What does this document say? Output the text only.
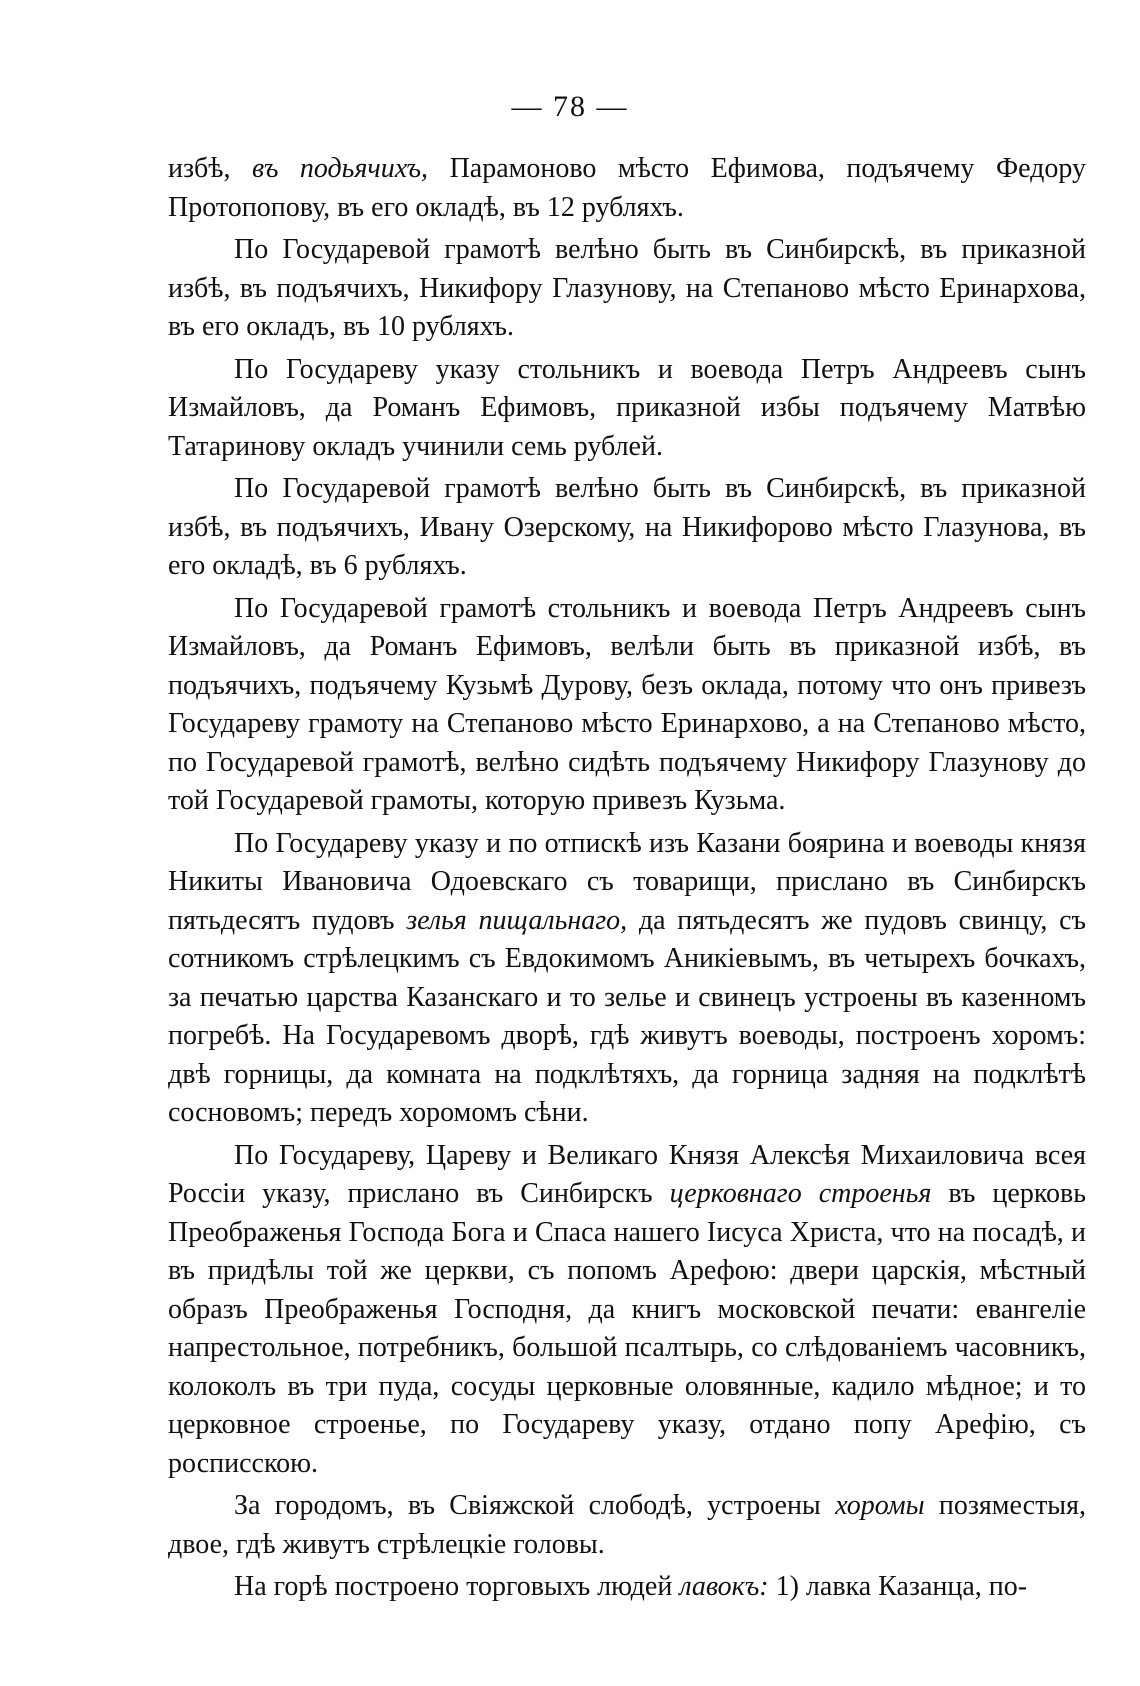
— 78 —

избѣ, въ подьячихъ, Парамоново мѣсто Ефимова, подъячему Федору Протопопову, въ его окладѣ, въ 12 рубляхъ.

По Государевой грамотѣ велѣно быть въ Синбирскѣ, въ приказной избѣ, въ подъячихъ, Никифору Глазунову, на Степаново мѣсто Еринархова, въ его окладъ, въ 10 рубляхъ.

По Государеву указу стольникъ и воевода Петръ Андреевъ сынъ Измайловъ, да Романъ Ефимовъ, приказной избы подъячему Матвѣю Татаринову окладъ учинили семь рублей.

По Государевой грамотѣ велѣно быть въ Синбирскѣ, въ приказной избѣ, въ подъячихъ, Ивану Озерскому, на Никифорово мѣсто Глазунова, въ его окладѣ, въ 6 рубляхъ.

По Государевой грамотѣ стольникъ и воевода Петръ Андреевъ сынъ Измайловъ, да Романъ Ефимовъ, велѣли быть въ приказной избѣ, въ подъячихъ, подъячему Кузьмѣ Дурову, безъ оклада, потому что онъ привезъ Государеву грамоту на Степаново мѣсто Еринархово, а на Степаново мѣсто, по Государевой грамотѣ, велѣно сидѣть подъячему Никифору Глазунову до той Государевой грамоты, которую привезъ Кузьма.

По Государеву указу и по отпискѣ изъ Казани боярина и воеводы князя Никиты Ивановича Одоевскаго съ товарищи, прислано въ Синбирскъ пятьдесятъ пудовъ зелья пищальнаго, да пятьдесятъ же пудовъ свинцу, съ сотникомъ стрѣлецкимъ съ Евдокимомъ Аникіевымъ, въ четырехъ бочкахъ, за печатью царства Казанскаго и то зелье и свинецъ устроены въ казенномъ погребѣ. На Государевомъ дворѣ, гдѣ живутъ воеводы, построенъ хоромъ: двѣ горницы, да комната на подклѣтяхъ, да горница задняя на подклѣтѣ сосновомъ; передъ хоромомъ сѣни.

По Государеву, Цареву и Великаго Князя Алексѣя Михаиловича всея Россіи указу, прислано въ Синбирскъ церковнаго строенья въ церковь Преображенья Господа Бога и Спаса нашего Іисуса Христа, что на посадѣ, и въ придѣлы той же церкви, съ попомъ Арефою: двери царскія, мѣстный образъ Преображенья Господня, да книгъ московской печати: евангеліе напрестольное, потребникъ, большой псалтырь, со слѣдованіемъ часовникъ, колоколъ въ три пуда, сосуды церковные оловянные, кадило мѣдное; и то церковное строенье, по Государеву указу, отдано попу Арефію, съ росписскою.

За городомъ, въ Свіяжской слободѣ, устроены хоромы позяместыя, двое, гдѣ живутъ стрѣлецкіе головы.

На горѣ построено торговыхъ людей лавокъ: 1) лавка Казанца, по-
